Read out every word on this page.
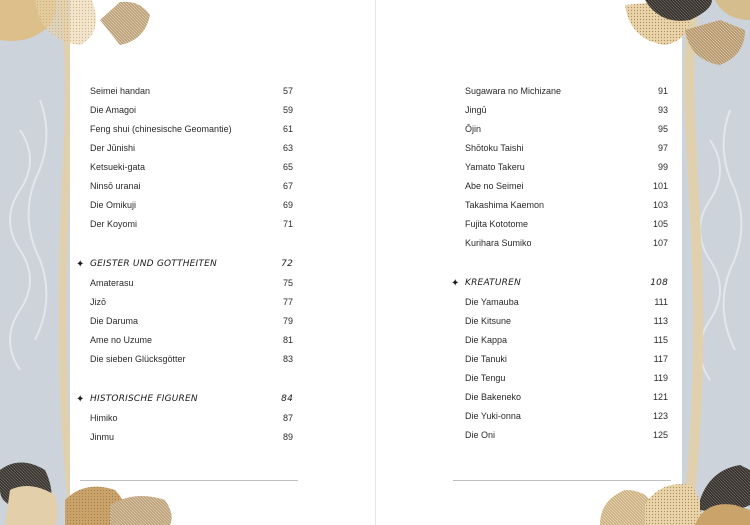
Seimei handan	57
Die Amagoi	59
Feng shui (chinesische Geomantie)	61
Der Jūnishi	63
Ketsueki-gata	65
Ninsō uranai	67
Die Omikuji	69
Der Koyomi	71
✦ GEISTER UND GOTTHEITEN	72
Amaterasu	75
Jizō	77
Die Daruma	79
Ame no Uzume	81
Die sieben Glücksgötter	83
✦ HISTORISCHE FIGUREN	84
Himiko	87
Jinmu	89
Sugawara no Michizane	91
Jingū	93
Ōjin	95
Shōtoku Taishi	97
Yamato Takeru	99
Abe no Seimei	101
Takashima Kaemon	103
Fujita Kototome	105
Kurihara Sumiko	107
✦ KREATUREN	108
Die Yamauba	111
Die Kitsune	113
Die Kappa	115
Die Tanuki	117
Die Tengu	119
Die Bakeneko	121
Die Yuki-onna	123
Die Oni	125
